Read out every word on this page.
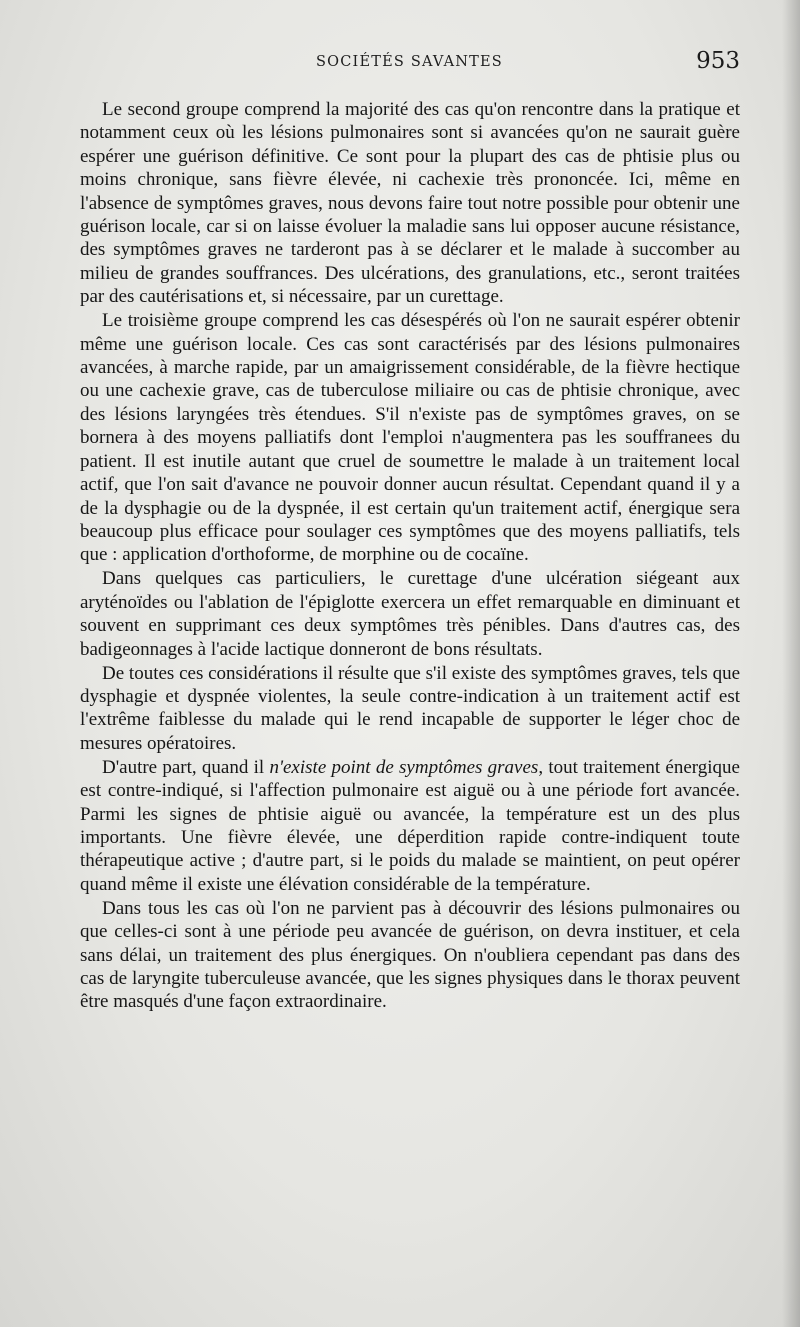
SOCIÉTÉS SAVANTES	953

Le second groupe comprend la majorité des cas qu'on rencontre dans la pratique et notamment ceux où les lésions pulmonaires sont si avancées qu'on ne saurait guère espérer une guérison définitive. Ce sont pour la plupart des cas de phtisie plus ou moins chronique, sans fièvre élevée, ni cachexie très prononcée. Ici, même en l'absence de symptômes graves, nous devons faire tout notre possible pour obtenir une guérison locale, car si on laisse évoluer la maladie sans lui opposer aucune résistance, des symptômes graves ne tarderont pas à se déclarer et le malade à succomber au milieu de grandes souffrances. Des ulcérations, des granulations, etc., seront traitées par des cautérisations et, si nécessaire, par un curettage.

Le troisième groupe comprend les cas désespérés où l'on ne saurait espérer obtenir même une guérison locale. Ces cas sont caractérisés par des lésions pulmonaires avancées, à marche rapide, par un amaigrissement considérable, de la fièvre hectique ou une cachexie grave, cas de tuberculose miliaire ou cas de phtisie chronique, avec des lésions laryngées très étendues. S'il n'existe pas de symptômes graves, on se bornera à des moyens palliatifs dont l'emploi n'augmentera pas les souffranees du patient. Il est inutile autant que cruel de soumettre le malade à un traitement local actif, que l'on sait d'avance ne pouvoir donner aucun résultat. Cependant quand il y a de la dysphagie ou de la dyspnée, il est certain qu'un traitement actif, énergique sera beaucoup plus efficace pour soulager ces symptômes que des moyens palliatifs, tels que : application d'orthoforme, de morphine ou de cocaïne.

Dans quelques cas particuliers, le curettage d'une ulcération siégeant aux aryténoïdes ou l'ablation de l'épiglotte exercera un effet remarquable en diminuant et souvent en supprimant ces deux symptômes très pénibles. Dans d'autres cas, des badigeonnages à l'acide lactique donneront de bons résultats.

De toutes ces considérations il résulte que s'il existe des symptômes graves, tels que dysphagie et dyspnée violentes, la seule contre-indication à un traitement actif est l'extrême faiblesse du malade qui le rend incapable de supporter le léger choc de mesures opératoires.

D'autre part, quand il n'existe point de symptômes graves, tout traitement énergique est contre-indiqué, si l'affection pulmonaire est aiguë ou à une période fort avancée. Parmi les signes de phtisie aiguë ou avancée, la température est un des plus importants. Une fièvre élevée, une déperdition rapide contre-indiquent toute thérapeutique active ; d'autre part, si le poids du malade se maintient, on peut opérer quand même il existe une élévation considérable de la température.

Dans tous les cas où l'on ne parvient pas à découvrir des lésions pulmonaires ou que celles-ci sont à une période peu avancée de guérison, on devra instituer, et cela sans délai, un traitement des plus énergiques. On n'oubliera cependant pas dans des cas de laryngite tuberculeuse avancée, que les signes physiques dans le thorax peuvent être masqués d'une façon extraordinaire.
